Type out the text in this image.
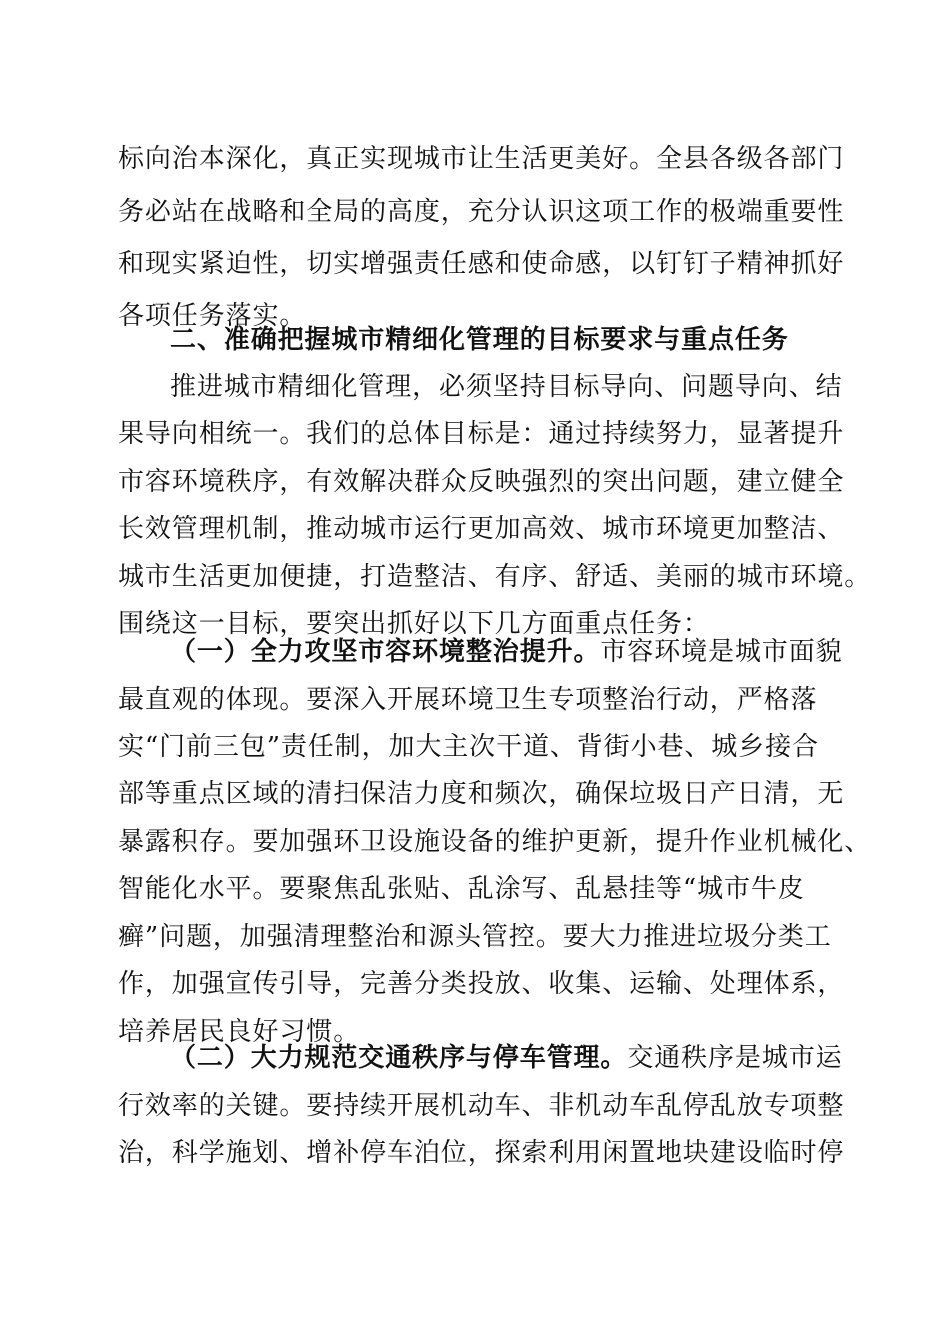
标向治本深化，真正实现城市让生活更美好。全县各级各部门
务必站在战略和全局的高度，充分认识这项工作的极端重要性
和现实紧迫性，切实增强责任感和使命感，以钉钉子精神抓好
各项任务落实。
二、准确把握城市精细化管理的目标要求与重点任务
推进城市精细化管理，必须坚持目标导向、问题导向、结
果导向相统一。我们的总体目标是：通过持续努力，显著提升
市容环境秩序，有效解决群众反映强烈的突出问题，建立健全
长效管理机制，推动城市运行更加高效、城市环境更加整洁、
城市生活更加便捷，打造整洁、有序、舒适、美丽的城市环境。
围绕这一目标，要突出抓好以下几方面重点任务：
（一）全力攻坚市容环境整治提升。市容环境是城市面貌
最直观的体现。要深入开展环境卫生专项整治行动，严格落
实“门前三包”责任制，加大主次干道、背街小巷、城乡接合
部等重点区域的清扫保洁力度和频次，确保垃圾日产日清，无
暴露积存。要加强环卫设施设备的维护更新，提升作业机械化、
智能化水平。要聚焦乱张贴、乱涂写、乱悬挂等“城市牛皮
癣”问题，加强清理整治和源头管控。要大力推进垃圾分类工
作，加强宣传引导，完善分类投放、收集、运输、处理体系，
培养居民良好习惯。
（二）大力规范交通秩序与停车管理。交通秩序是城市运
行效率的关键。要持续开展机动车、非机动车乱停乱放专项整
治，科学施划、增补停车泊位，探索利用闲置地块建设临时停
